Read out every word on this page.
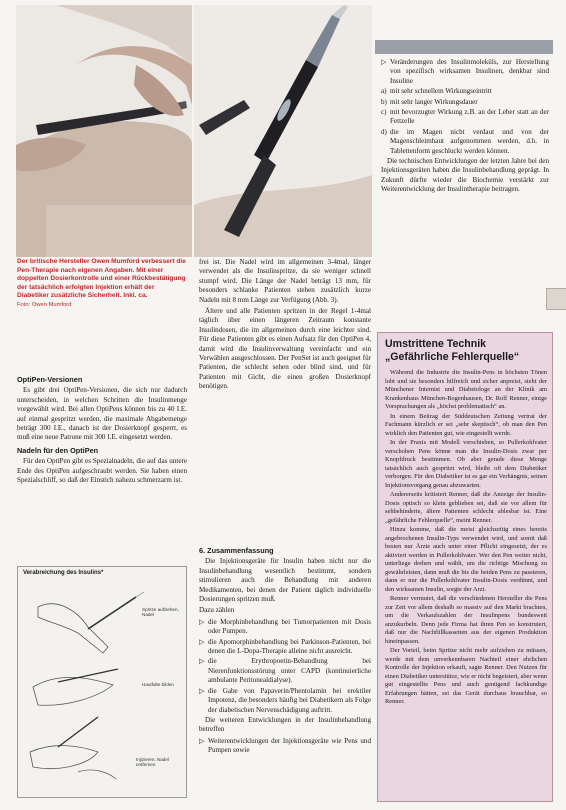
Der britische Hersteller Owen Mumford verbessert die Pen-Therapie nach eigenen Angaben. Mit einer doppelten Dosierkontrolle und einer Rückbestätigung der tatsächlich erfolgten Injektion erhält der Diabetiker zusätzliche Sicherheit. Inkl. ca.
Foto: Owen Mumford
OptiPen-Versionen

Es gibt drei OptiPen-Versionen, die sich nur dadurch unterscheiden, in welchen Schritten die Insulinmenge vorgewählt wird. Bei allen OptiPens können bis zu 40 I.E. auf einmal gespritzt werden, die maximale Abgabemenge beträgt 300 I.E., danach ist der Dosierknopf gesperrt, es muß eine neue Patrone mit 300 I.E. eingesetzt werden.

Nadeln für den OptiPen

Für den OptiPen gibt es Spezialnadeln, die auf das untere Ende des OptiPen aufgeschraubt werden. Sie haben einen Spezialschliff, so daß der Einstich nahezu schmerzarm ist.

Verabreichung des Insulins*
Spritze aufziehen, Nadel
Hautfalte bilden
Injizieren, Nadel entfernen

frei ist. Die Nadel wird im allgemeinen 3-4mal, länger verwendet als die Insulinspritze, da sie weniger schnell stumpf wird. Die Länge der Nadel beträgt 13 mm, für besonders schlanke Patienten stehen zusätzlich kurze Nadeln mit 8 mm Länge zur Verfügung (Abb. 3).

Ältere und alle Patienten spritzen in der Regel 1-4mal täglich über einen längeren Zeitraum konstante Insulindosen, die im allgemeinen durch eine leichter sind. Für diese Patienten gibt es einen Aufsatz für den OptiPen 4, damit wird die Insulinverwaltung vereinfacht und ein Verwählen ausgeschlossen. Der PenSet ist auch geeignet für Patienten, die schlecht sehen oder blind sind, und für Patienten mit Gicht, die einen großen Dosierknopf benötigen.

6. Zusammenfassung

Die Injektionsgeräte für Insulin haben nicht nur die Insulinbehandlung wesentlich bestimmt, sondern stimulieren auch die Behandlung mit anderen Medikamenten, bei denen der Patient täglich individuelle Dosierungen spritzen muß.

Dazu zählen

▷ die Morphinbehandlung bei Tumorpatienten mit Dosis oder Pumpen.
▷ die Apomorphinbehandlung bei Parkinson-Patienten, bei denen die L-Dopa-Therapie alleine nicht ausreicht.
▷ die Erythropoetin-Behandlung bei Nierenfunktionsstörung unter CAPD (kontinuierliche ambulante Peritonealdialyse).
▷ die Gabe von Papaverin/Phentolamin bei erektiler Impotenz, die besonders häufig bei Diabetikern als Folge der diabetischen Nervenschädigung auftritt.

Die weiteren Entwicklungen in der Insulinbehandlung betreffen

▷ Weiterentwicklungen der Injektionsgeräte wie Pens und Pumpen sowie
▷ Veränderungen des Insulinmoleküls, zur Herstellung von spezifisch wirksamen Insulinen, denkbar sind Insuline
a) mit sehr schnellem Wirkungseintritt
b) mit sehr langer Wirkungsdauer
c) mit bevorzugter Wirkung z.B. an der Leber statt an der Fettzelle
d) die im Magen nicht verdaut und von der Magenschleimhaut aufgenommen werden, d.h. in Tablettenform geschluckt werden können.

Die technischen Entwicklungen der letzten Jahre bei den Injektionsgeräten haben die Insulinbehandlung geprägt. In Zukunft dürfte wieder die Biochemie verstärkt zur Weiterentwicklung der Insulintherapie beitragen.

Umstrittene Technik
„Gefährliche Fehlerquelle“

Während die Industrie die Insulin-Pens in höchsten Tönen lobt und sie besonders hilfreich und sicher anpreist, sieht der Münchener Internist und Diabetologe an der Klinik am Krankenhaus München-Bogenhausen, Dr. Rolf Renner, einige Vorsprachungen als „höchst problematisch“ an.

In einem Beitrag der Süddeutschen Zeitung vertrat der Fachmann kürzlich er sei „sehr skeptisch“, ob man den Pen wirklich den Patienten gut, wie eingestellt werde.

In der Praxis mit Modell verschieben, so Pullerkohlvater verschoben Pens könne man die Insulin-Dosis zwar per Knopfdruck bestimmen. Ob aber gerade diese Menge tatsächlich auch gespritzt wird, bleibt oft dem Diabetiker verborgen. Für den Diabetiker ist es gar ein Verhängnis, seinen Injektionsvorgang genau abzuwarten.

Andererseits kritisiert Renner, daß die Anzeige der Insulin-Dosis optisch so klein geblieben sei, daß sie vor allem für sehbehinderte, ältere Patienten schlecht ablesbar ist. Eine „gefährliche Fehlerquelle“, meint Renner.

Hinzu komme, daß die meist gleichzeitig eines bereits angebrochenen Insulin-Typs verwendet wird, und somit daß besten nur Ärzte auch unter einer Pflicht eingesetzt, der es aktiviert werden in Pullerkohlvater. Wer den Pen weiter nicht, unterliege drehen und wählt, um die richtige Mischung zu gewährleisten, dann muß die bis die beiden Pens zu passieren, dann er nur die Pullerkohlvater Insulin-Dosis verdünnt, und den wirksamen Insulin, sorgte der Arzt.

Renner vermutet, daß die verschiedenen Hersteller die Pens zur Zeit vor allem deshalb so massiv auf den Markt brachten, um die Verkaufszahlen der Insulinpens bundesweit anzukurbeln. Denn jede Firma hat ihren Pen so konstruiert, daß nur die Nachfüllkassetten aus der eigenen Produktion hineinpassen.

Der Vorteil, beim Spritze nicht mehr aufziehen zu müssen, werde mit dem unverkennbaren Nachteil einer ehrlichen Kontrolle der Injektion erkauft, sagte Renner. Den Nutzen für einen Diabetiker unterstütze, wie er nicht begeistert, aber wenn gut eingestellte Pens und auch genügend fachkundige Erfahrungen hätten, sei das Gerät durchaus brauchbar, so Renner.
